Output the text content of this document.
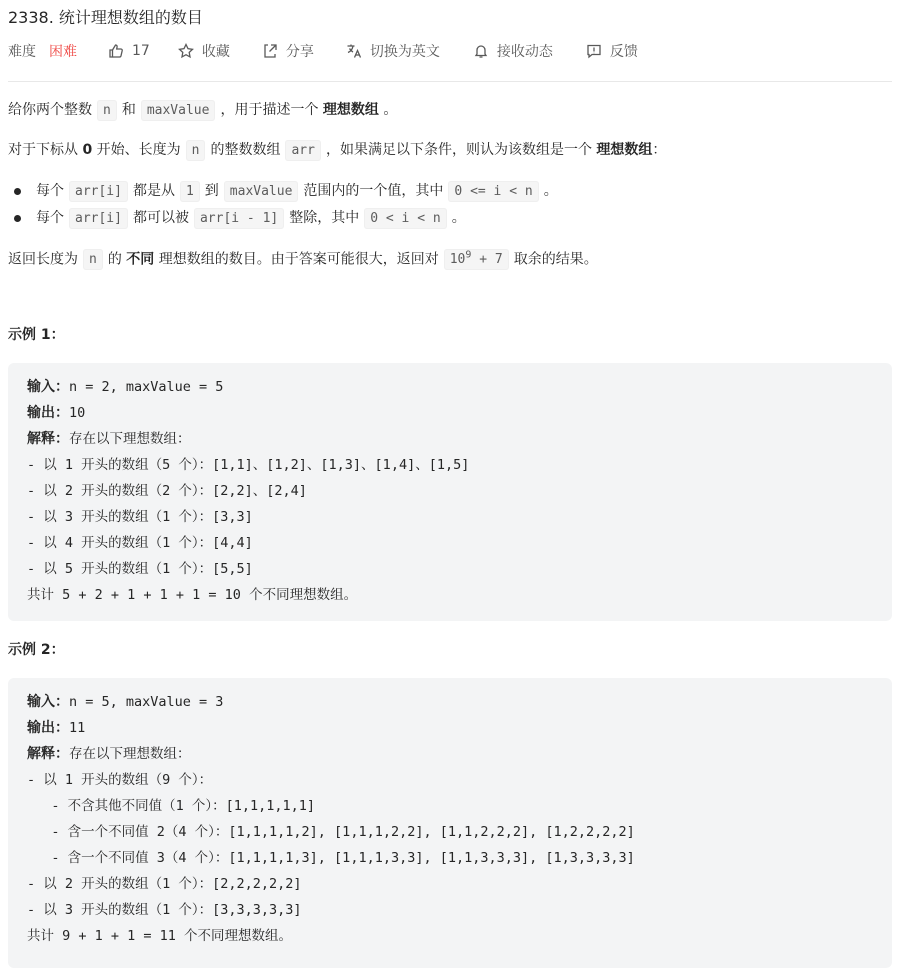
2338. 统计理想数组的数目
难度 困难	17	收藏	分享	切换为英文	接收动态	反馈
给你两个整数 n 和 maxValue ，用于描述一个 理想数组 。
对于下标从 0 开始、长度为 n 的整数数组 arr ，如果满足以下条件，则认为该数组是一个 理想数组：
每个 arr[i] 都是从 1 到 maxValue 范围内的一个值，其中 0 <= i < n 。
每个 arr[i] 都可以被 arr[i - 1] 整除，其中 0 < i < n 。
返回长度为 n 的 不同 理想数组的数目。由于答案可能很大，返回对 $10^9 + 7$ 取余的结果。
示例 1：
输入：n = 2, maxValue = 5
输出：10
解释：存在以下理想数组：
- 以 1 开头的数组（5 个）：[1,1]、[1,2]、[1,3]、[1,4]、[1,5]
- 以 2 开头的数组（2 个）：[2,2]、[2,4]
- 以 3 开头的数组（1 个）：[3,3]
- 以 4 开头的数组（1 个）：[4,4]
- 以 5 开头的数组（1 个）：[5,5]
共计 5 + 2 + 1 + 1 + 1 = 10 个不同理想数组。
示例 2：
输入：n = 5, maxValue = 3
输出：11
解释：存在以下理想数组：
- 以 1 开头的数组（9 个）：
- 不含其他不同值（1 个）：[1,1,1,1,1]
- 含一个不同值 2（4 个）：[1,1,1,1,2], [1,1,1,2,2], [1,1,2,2,2], [1,2,2,2,2]
- 含一个不同值 3（4 个）：[1,1,1,1,3], [1,1,1,3,3], [1,1,3,3,3], [1,3,3,3,3]
- 以 2 开头的数组（1 个）：[2,2,2,2,2]
- 以 3 开头的数组（1 个）：[3,3,3,3,3]
共计 9 + 1 + 1 = 11 个不同理想数组。
